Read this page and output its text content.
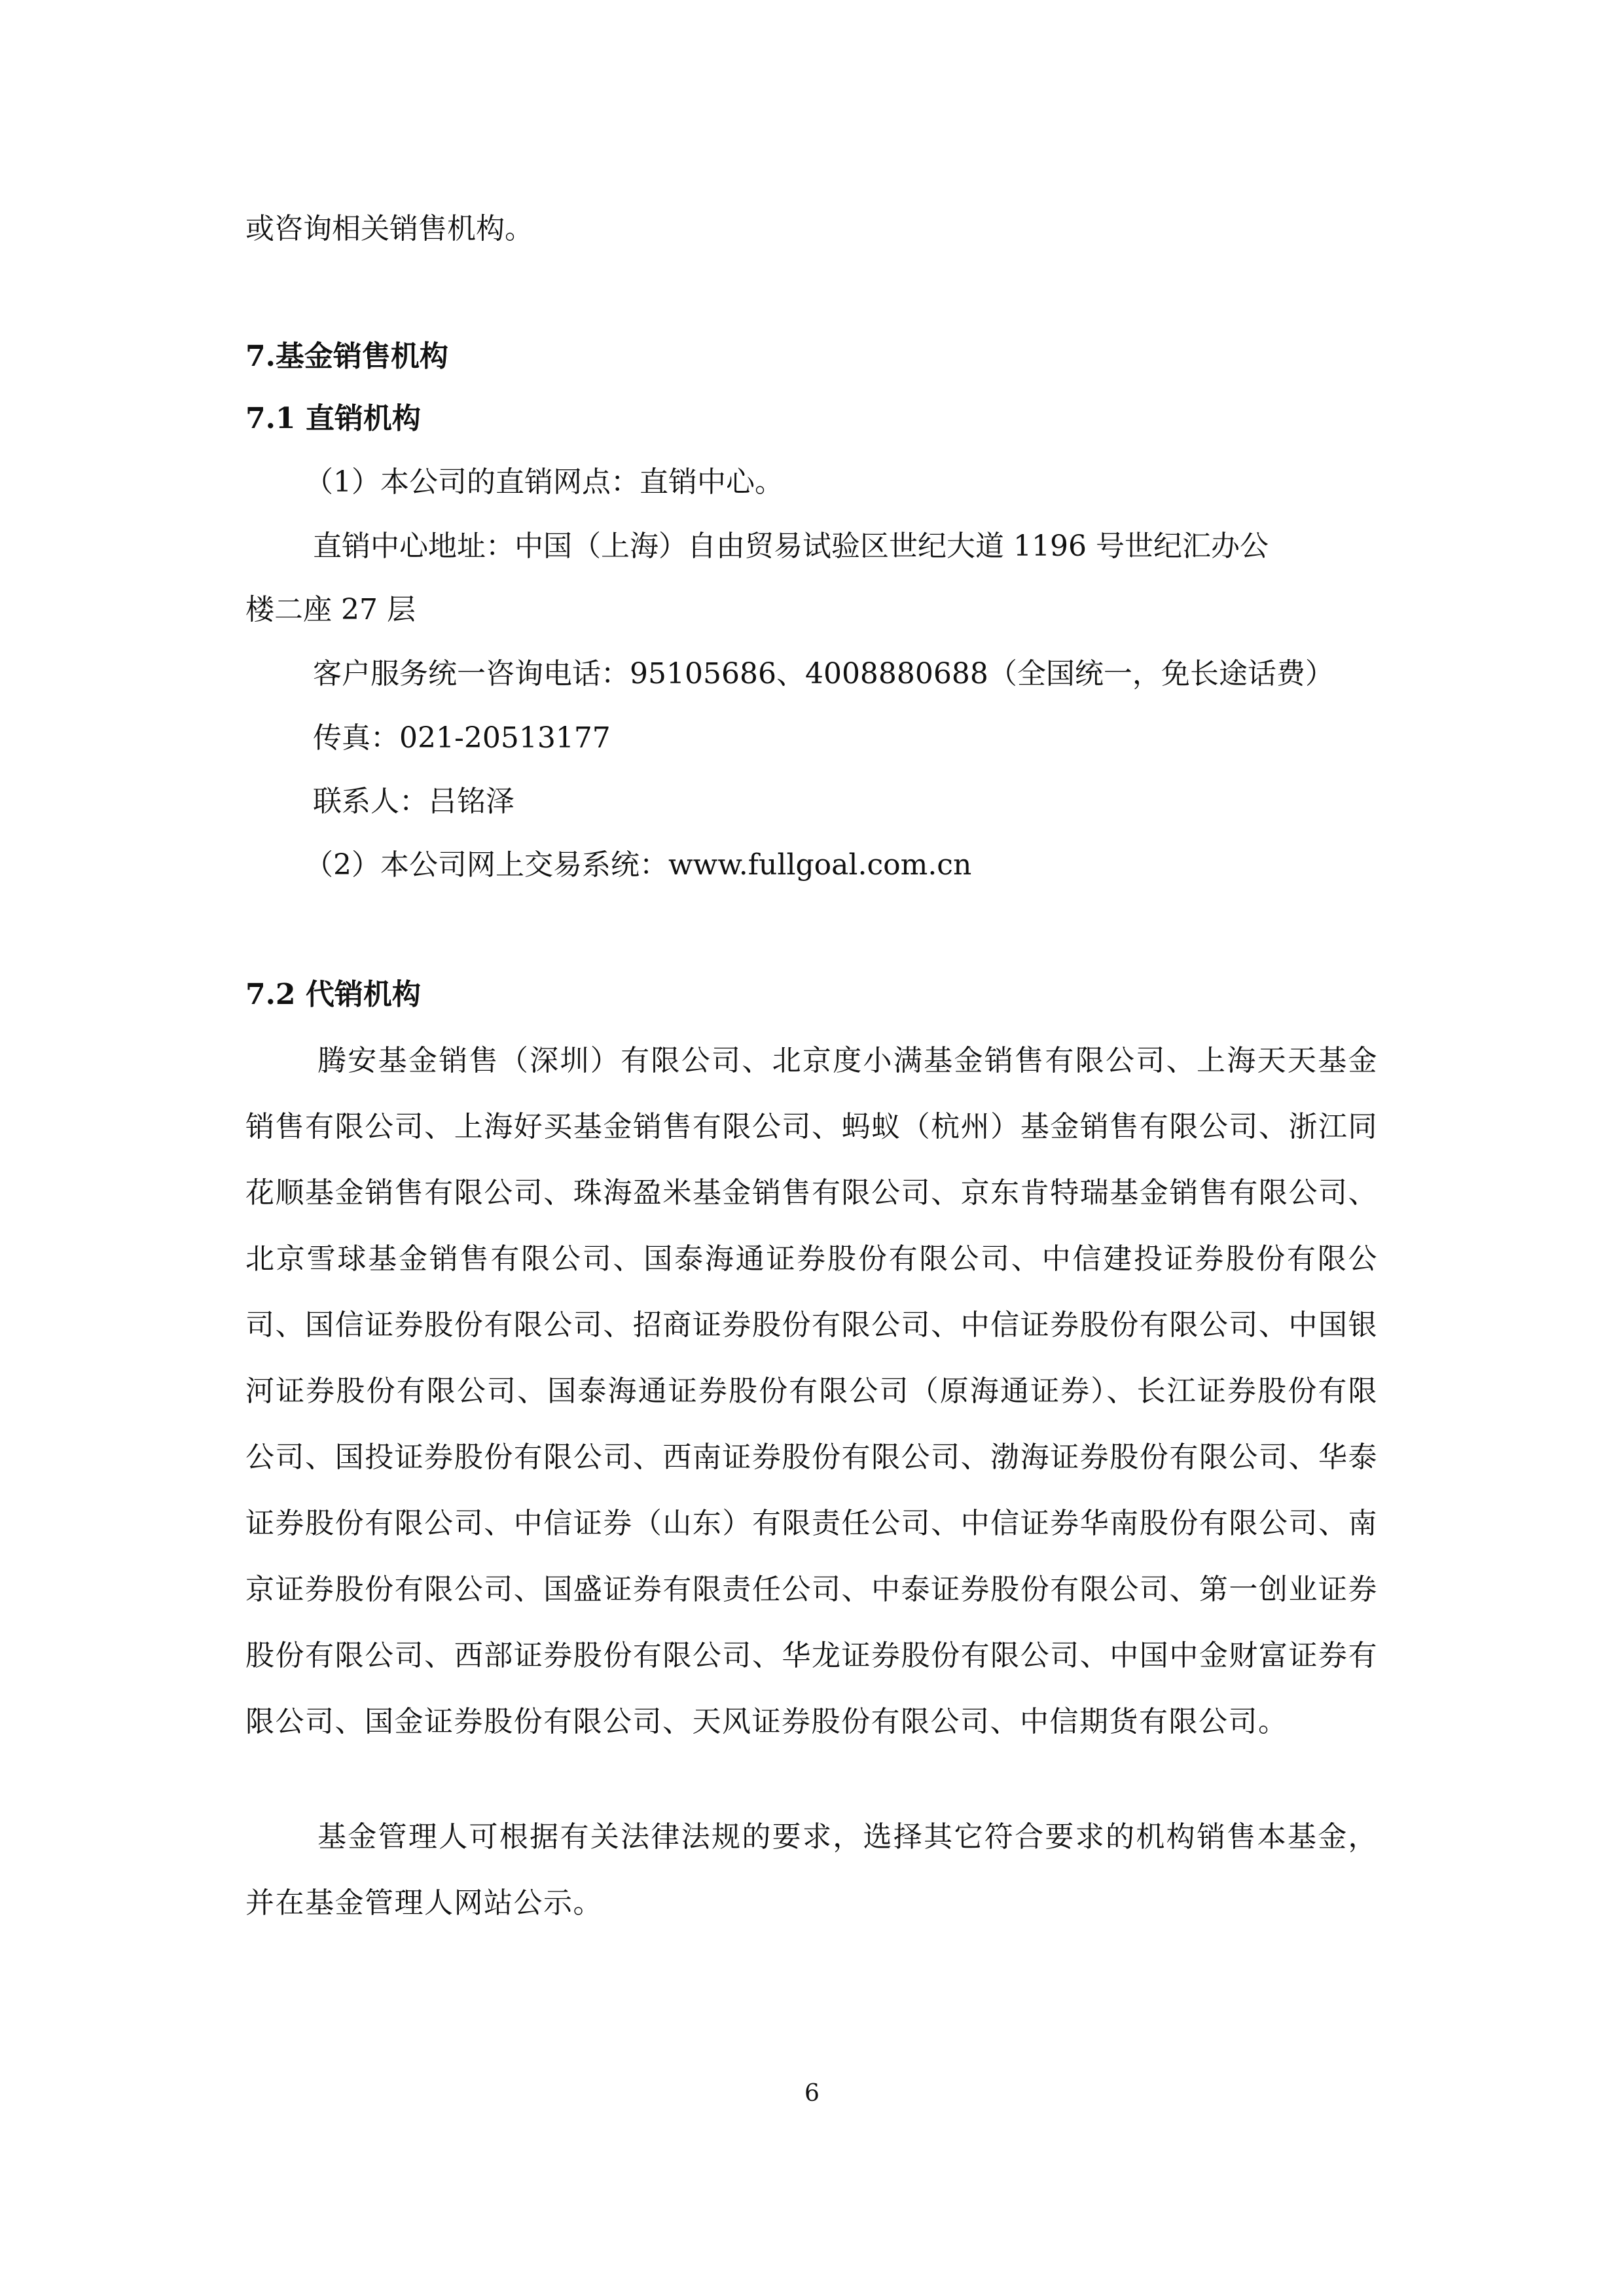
或咨询相关销售机构。

7.基金销售机构

7.1 直销机构

（1）本公司的直销网点：直销中心。

直销中心地址：中国（上海）自由贸易试验区世纪大道 1196 号世纪汇办公

楼二座 27 层

客户服务统一咨询电话：95105686、4008880688（全国统一，免长途话费）

传真：021-20513177

联系人：吕铭泽

（2）本公司网上交易系统：www.fullgoal.com.cn

7.2 代销机构

腾安基金销售（深圳）有限公司、北京度小满基金销售有限公司、上海天天基金销售有限公司、上海好买基金销售有限公司、蚂蚁（杭州）基金销售有限公司、浙江同花顺基金销售有限公司、珠海盈米基金销售有限公司、京东肯特瑞基金销售有限公司、北京雪球基金销售有限公司、国泰海通证券股份有限公司、中信建投证券股份有限公司、国信证券股份有限公司、招商证券股份有限公司、中信证券股份有限公司、中国银河证券股份有限公司、国泰海通证券股份有限公司（原海通证券）、长江证券股份有限公司、国投证券股份有限公司、西南证券股份有限公司、渤海证券股份有限公司、华泰证券股份有限公司、中信证券（山东）有限责任公司、中信证券华南股份有限公司、南京证券股份有限公司、国盛证券有限责任公司、中泰证券股份有限公司、第一创业证券股份有限公司、西部证券股份有限公司、华龙证券股份有限公司、中国中金财富证券有限公司、国金证券股份有限公司、天风证券股份有限公司、中信期货有限公司。

基金管理人可根据有关法律法规的要求，选择其它符合要求的机构销售本基金，并在基金管理人网站公示。

6
